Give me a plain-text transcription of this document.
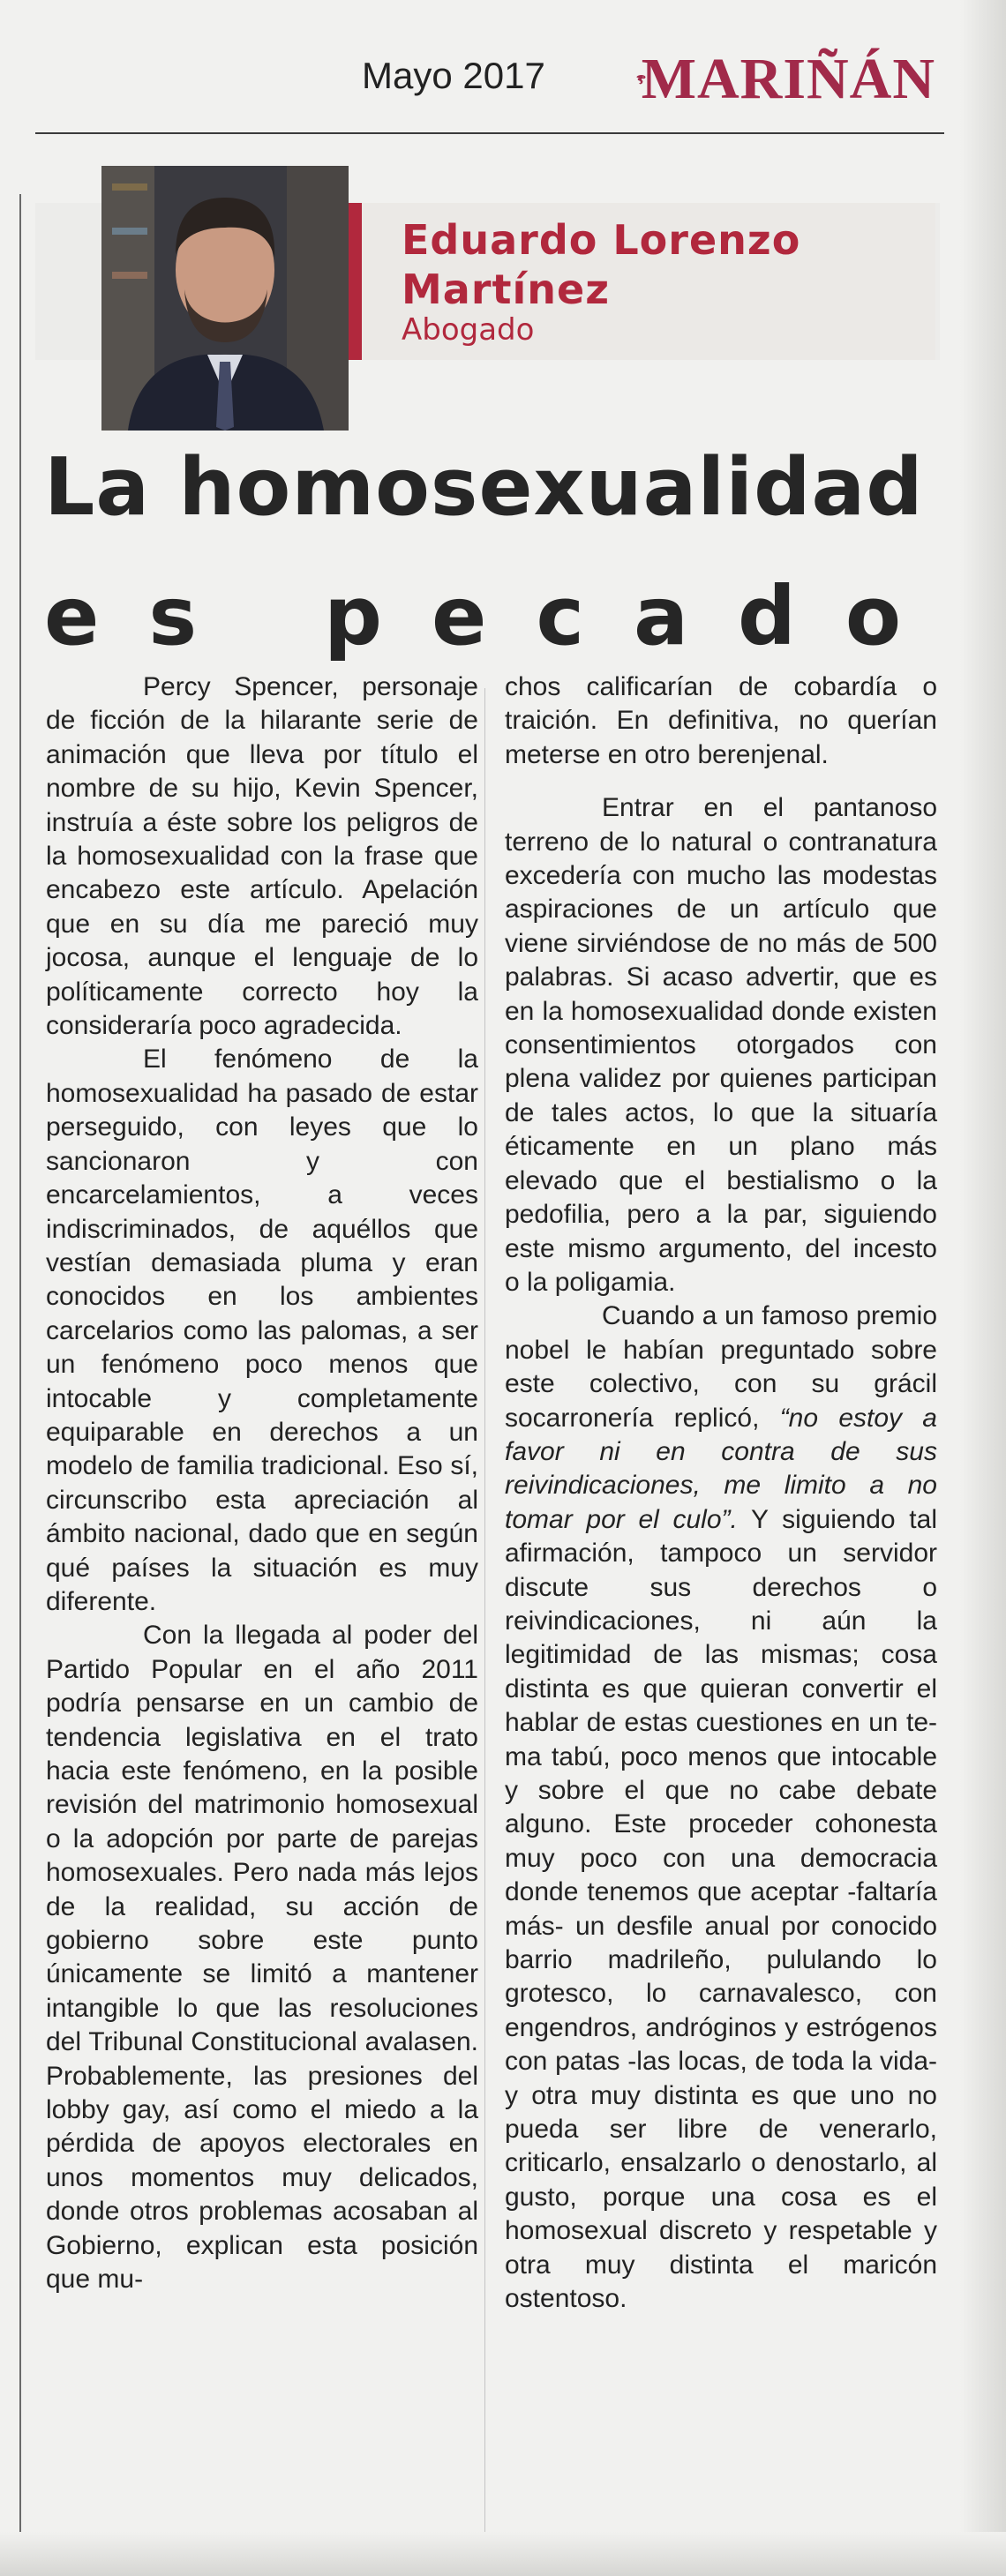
Mayo 2017 MARIÑÁN
Eduardo Lorenzo Martínez
Abogado
La homosexualidad
es pecado

Percy Spencer, personaje de ficción de la hilarante serie de animación que lleva por título el nombre de su hijo, Kevin Spencer, instruía a éste sobre los peligros de la homosexualidad con la frase que encabezo este artículo. Apelación que en su día me pareció muy jocosa, aunque el lenguaje de lo políticamente correcto hoy la consideraría poco agradecida.

El fenómeno de la homosexualidad ha pasado de estar perseguido, con leyes que lo sancionaron y con encarcelamientos, a veces indiscriminados, de aquéllos que vestían demasiada pluma y eran conocidos en los ambientes carcelarios como las palomas, a ser un fenómeno poco menos que intocable y completamente equiparable en derechos a un modelo de familia tradicional. Eso sí, circunscribo esta apreciación al ámbito nacional, dado que en según qué países la situación es muy diferente.

Con la llegada al poder del Partido Popular en el año 2011 podría pensarse en un cambio de tendencia legislativa en el trato hacia este fenómeno, en la posible revisión del matrimonio homosexual o la adopción por parte de parejas homosexuales. Pero nada más lejos de la realidad, su acción de gobierno sobre este punto únicamente se limitó a mantener intangible lo que las resoluciones del Tribunal Constitucional avalasen. Probablemente, las presiones del lobby gay, así como el miedo a la pérdida de apoyos electorales en unos momentos muy delicados, donde otros problemas acosaban al Gobierno, explican esta posición que mu-

chos calificarían de cobardía o traición. En definitiva, no querían meterse en otro berenjenal.

Entrar en el pantanoso terreno de lo natural o contranatura excedería con mucho las modestas aspiraciones de un artículo que viene sirviéndose de no más de 500 palabras. Si acaso advertir, que es en la homosexualidad donde existen consentimientos otorgados con plena validez por quienes participan de tales actos, lo que la situaría éticamente en un plano más elevado que el bestialismo o la pedofilia, pero a la par, siguiendo este mismo argumento, del incesto o la poligamia.

Cuando a un famoso premio nobel le habían preguntado sobre este colectivo, con su grácil socarronería replicó, “no estoy a favor ni en contra de sus reivindicaciones, me limito a no tomar por el culo”. Y siguiendo tal afirmación, tampoco un servidor discute sus derechos o reivindicaciones, ni aún la legitimidad de las mismas; cosa distinta es que quieran convertir el hablar de estas cuestiones en un te-ma tabú, poco menos que intocable y sobre el que no cabe debate alguno. Este proceder cohonesta muy poco con una democracia donde tenemos que aceptar -faltaría más- un desfile anual por conocido barrio madrileño, pululando lo grotesco, lo carnavalesco, con engendros, andróginos y estrógenos con patas -las locas, de toda la vida- y otra muy distinta es que uno no pueda ser libre de venerarlo, criticarlo, ensalzarlo o denostarlo, al gusto, porque una cosa es el homosexual discreto y respetable y otra muy distinta el maricón ostentoso.
